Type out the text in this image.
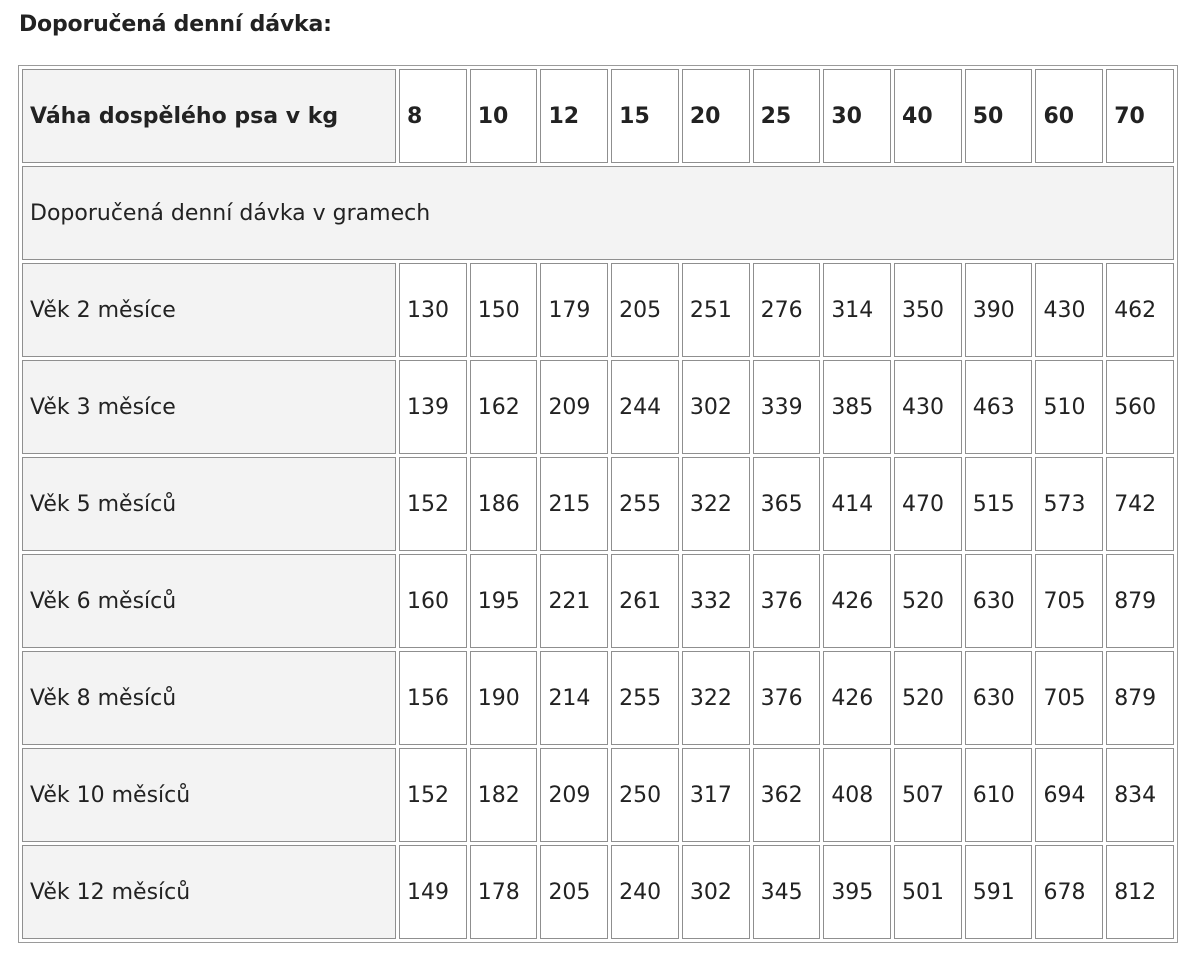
Doporučená denní dávka:
Váha dospělého psa v kg	8	10	12	15	20	25	30	40	50	60	70
Doporučená denní dávka v gramech											
Věk 2 měsíce	130	150	179	205	251	276	314	350	390	430	462
Věk 3 měsíce	139	162	209	244	302	339	385	430	463	510	560
Věk 5 měsíců	152	186	215	255	322	365	414	470	515	573	742
Věk 6 měsíců	160	195	221	261	332	376	426	520	630	705	879
Věk 8 měsíců	156	190	214	255	322	376	426	520	630	705	879
Věk 10 měsíců	152	182	209	250	317	362	408	507	610	694	834
Věk 12 měsíců	149	178	205	240	302	345	395	501	591	678	812
